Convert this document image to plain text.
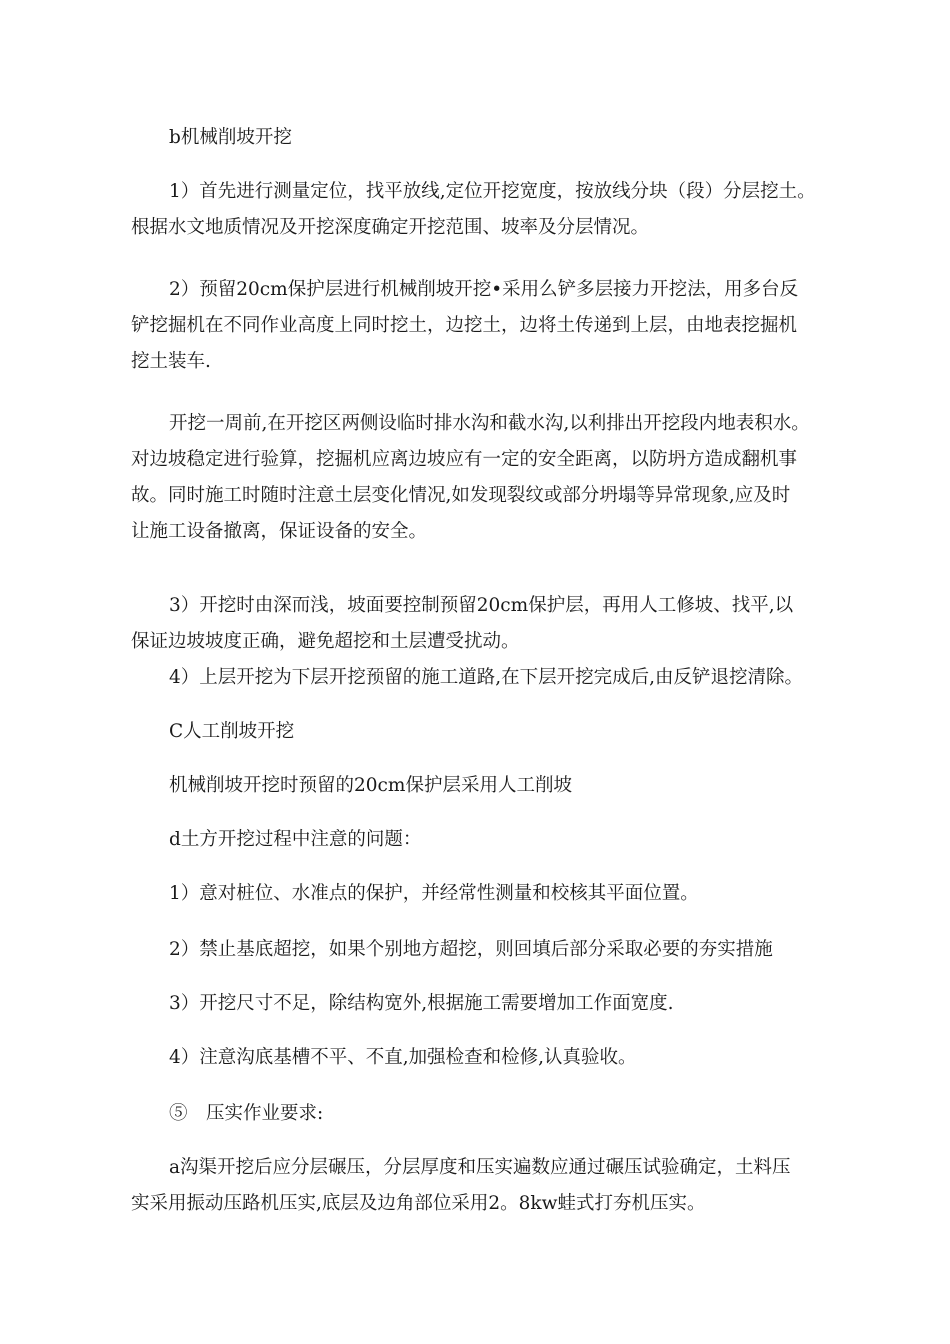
b机械削坡开挖

1）首先进行测量定位，找平放线,定位开挖宽度，按放线分块（段）分层挖土。
根据水文地质情况及开挖深度确定开挖范围、坡率及分层情况。

2）预留20cm保护层进行机械削坡开挖•采用么铲多层接力开挖法，用多台反
铲挖掘机在不同作业高度上同时挖土，边挖土，边将土传递到上层，由地表挖掘机
挖土装车.

开挖一周前,在开挖区两侧设临时排水沟和截水沟,以利排出开挖段内地表积水。
对边坡稳定进行验算，挖掘机应离边坡应有一定的安全距离，以防坍方造成翻机事
故。同时施工时随时注意土层变化情况,如发现裂纹或部分坍塌等异常现象,应及时
让施工设备撤离，保证设备的安全。

3）开挖时由深而浅，坡面要控制预留20cm保护层，再用人工修坡、找平,以
保证边坡坡度正确，避免超挖和土层遭受扰动。

4）上层开挖为下层开挖预留的施工道路,在下层开挖完成后,由反铲退挖清除。

C人工削坡开挖

机械削坡开挖时预留的20cm保护层采用人工削坡

d土方开挖过程中注意的问题：

1）意对桩位、水准点的保护，并经常性测量和校核其平面位置。

2）禁止基底超挖，如果个别地方超挖，则回填后部分采取必要的夯实措施

3）开挖尺寸不足，除结构宽外,根据施工需要增加工作面宽度.

4）注意沟底基槽不平、不直,加强检查和检修,认真验收。

⑤　压实作业要求:

a沟渠开挖后应分层碾压，分层厚度和压实遍数应通过碾压试验确定，土料压
实采用振动压路机压实,底层及边角部位采用2。8kw蛙式打夯机压实。
